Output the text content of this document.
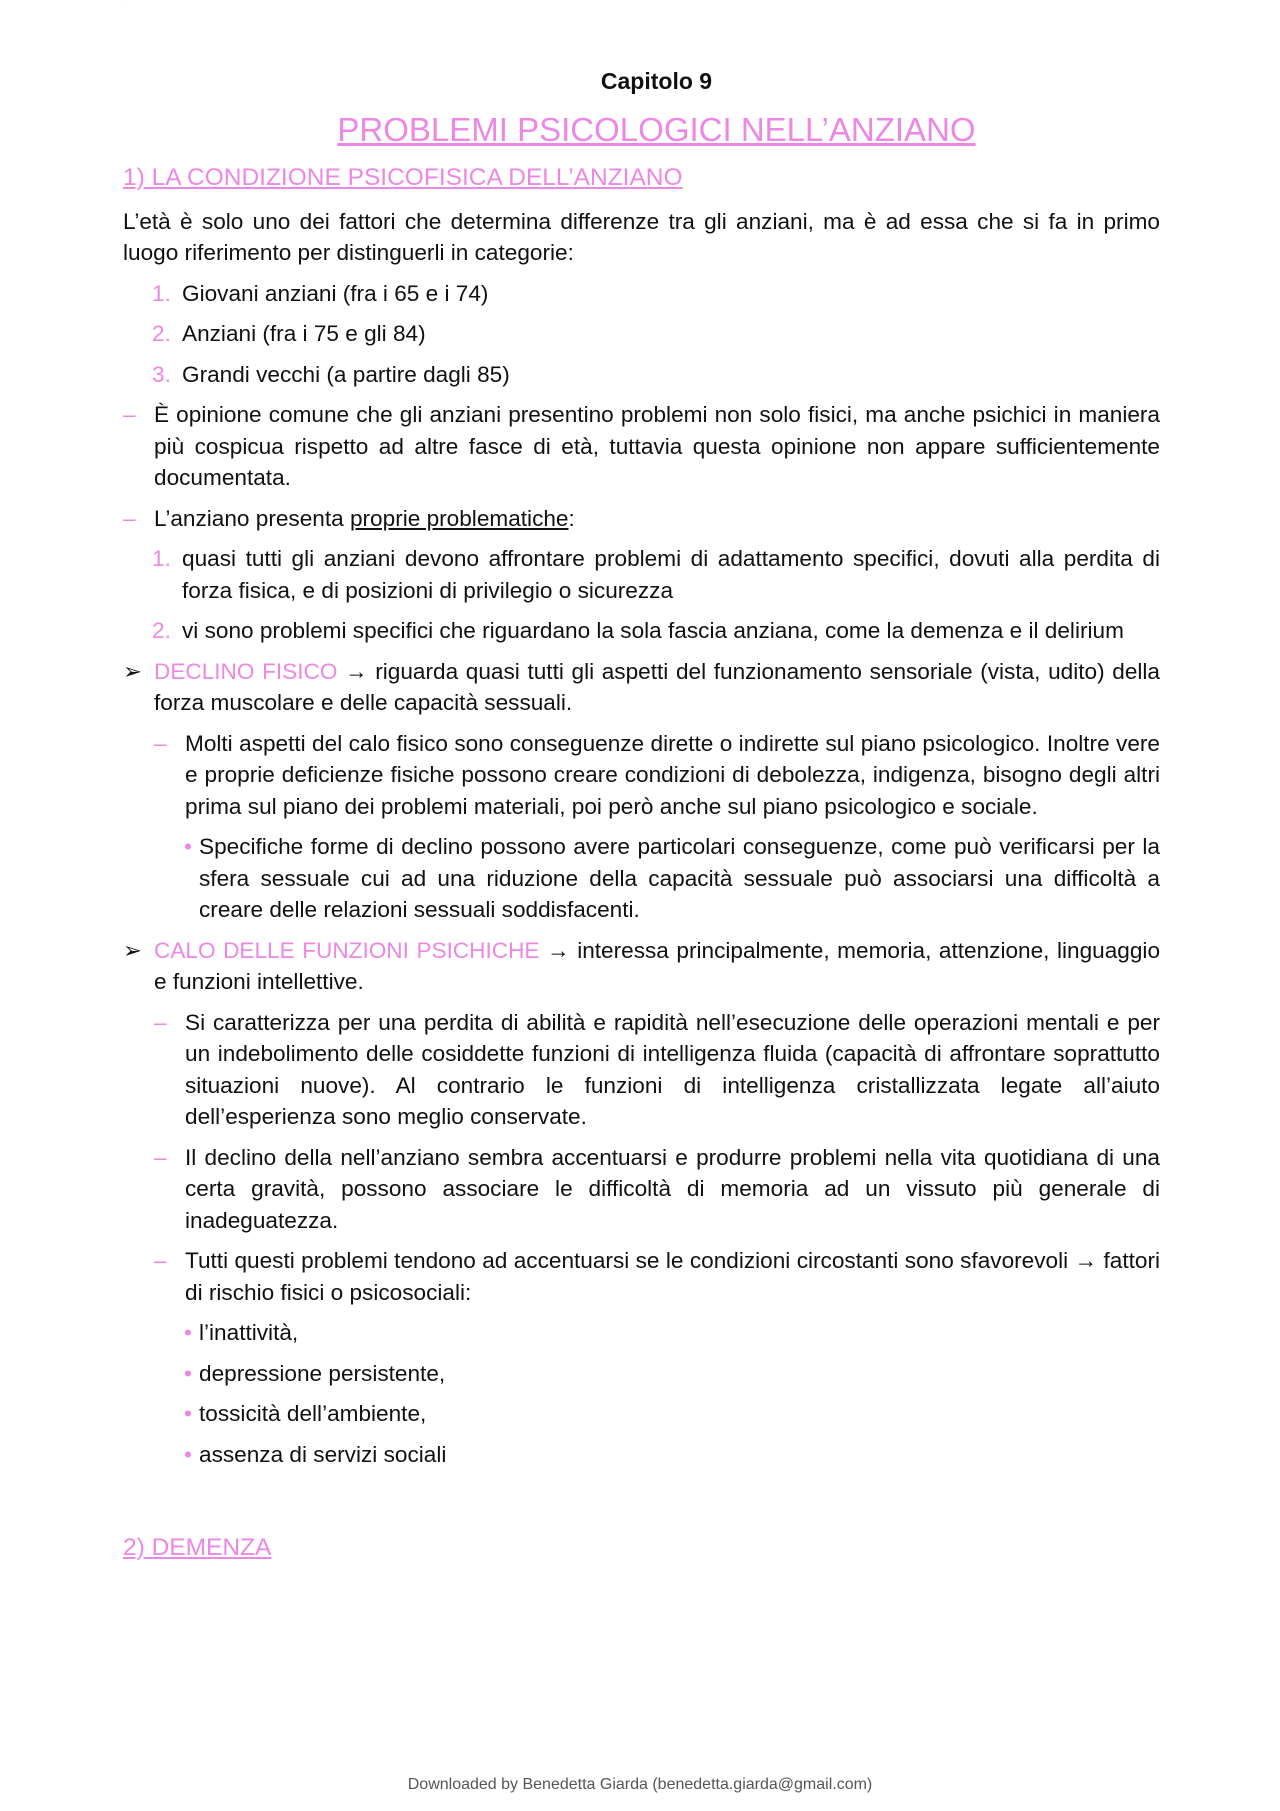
·····
Capitolo 9
PROBLEMI PSICOLOGICI NELL’ANZIANO
1) LA CONDIZIONE PSICOFISICA DELL’ANZIANO

L’età è solo uno dei fattori che determina differenze tra gli anziani, ma è ad essa che si fa in primo luogo riferimento per distinguerli in categorie:

1. Giovani anziani (fra i 65 e i 74)
2. Anziani (fra i 75 e gli 84)
3. Grandi vecchi (a partire dagli 85)
– È opinione comune che gli anziani presentino problemi non solo fisici, ma anche psichici in maniera più cospicua rispetto ad altre fasce di età, tuttavia questa opinione non appare sufficientemente documentata.
– L’anziano presenta proprie problematiche:
1. quasi tutti gli anziani devono affrontare problemi di adattamento specifici, dovuti alla perdita di forza fisica, e di posizioni di privilegio o sicurezza
2. vi sono problemi specifici che riguardano la sola fascia anziana, come la demenza e il delirium
➢ DECLINO FISICO → riguarda quasi tutti gli aspetti del funzionamento sensoriale (vista, udito) della forza muscolare e delle capacità sessuali.
– Molti aspetti del calo fisico sono conseguenze dirette o indirette sul piano psicologico. Inoltre vere e proprie deficienze fisiche possono creare condizioni di debolezza, indigenza, bisogno degli altri prima sul piano dei problemi materiali, poi però anche sul piano psicologico e sociale.
• Specifiche forme di declino possono avere particolari conseguenze, come può verificarsi per la sfera sessuale cui ad una riduzione della capacità sessuale può associarsi una difficoltà a creare delle relazioni sessuali soddisfacenti.
➢ CALO DELLE FUNZIONI PSICHICHE → interessa principalmente, memoria, attenzione, linguaggio e funzioni intellettive.
– Si caratterizza per una perdita di abilità e rapidità nell’esecuzione delle operazioni mentali e per un indebolimento delle cosiddette funzioni di intelligenza fluida (capacità di affrontare soprattutto situazioni nuove). Al contrario le funzioni di intelligenza cristallizzata legate all’aiuto dell’esperienza sono meglio conservate.
– Il declino della nell’anziano sembra accentuarsi e produrre problemi nella vita quotidiana di una certa gravità, possono associare le difficoltà di memoria ad un vissuto più generale di inadeguatezza.
– Tutti questi problemi tendono ad accentuarsi se le condizioni circostanti sono sfavorevoli → fattori di rischio fisici o psicosociali:
• l’inattività,
• depressione persistente,
• tossicità dell’ambiente,
• assenza di servizi sociali
2) DEMENZA
Downloaded by Benedetta Giarda (benedetta.giarda@gmail.com)
